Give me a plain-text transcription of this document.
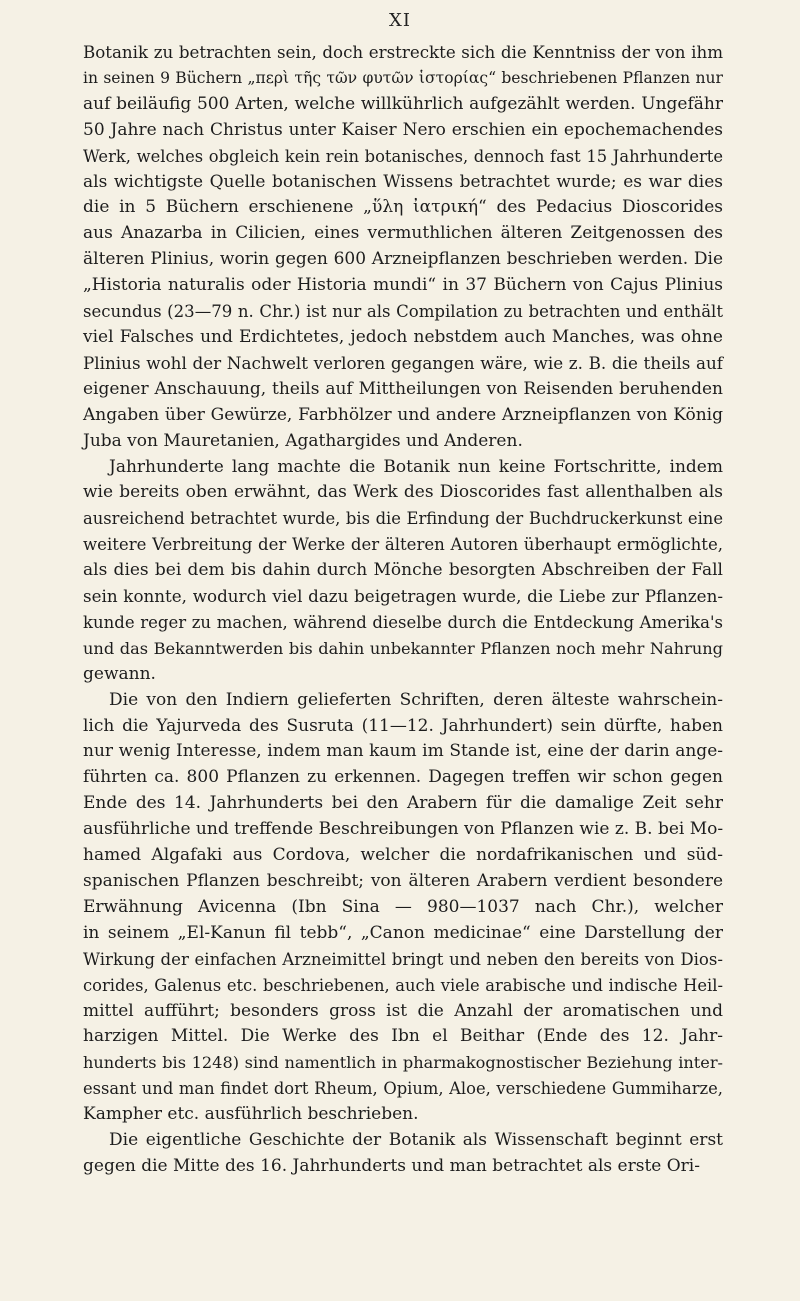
XI

Botanik zu betrachten sein, doch erstreckte sich die Kenntniss der von ihm
in seinen 9 Büchern „περὶ τῆς τῶν φυτῶν ἱστορίας“ beschriebenen Pflanzen nur
auf beiläufig 500 Arten, welche willkührlich aufgezählt werden. Ungefähr
50 Jahre nach Christus unter Kaiser Nero erschien ein epochemachendes
Werk, welches obgleich kein rein botanisches, dennoch fast 15 Jahrhunderte
als wichtigste Quelle botanischen Wissens betrachtet wurde; es war dies
die in 5 Büchern erschienene „ὕλη ἰατρική“ des Pedacius Dioscorides
aus Anazarba in Cilicien, eines vermuthlichen älteren Zeitgenossen des
älteren Plinius, worin gegen 600 Arzneipflanzen beschrieben werden. Die
„Historia naturalis oder Historia mundi“ in 37 Büchern von Cajus Plinius
secundus (23—79 n. Chr.) ist nur als Compilation zu betrachten und enthält
viel Falsches und Erdichtetes, jedoch nebstdem auch Manches, was ohne
Plinius wohl der Nachwelt verloren gegangen wäre, wie z. B. die theils auf
eigener Anschauung, theils auf Mittheilungen von Reisenden beruhenden
Angaben über Gewürze, Farbhölzer und andere Arzneipflanzen von König
Juba von Mauretanien, Agathargides und Anderen.

Jahrhunderte lang machte die Botanik nun keine Fortschritte, indem
wie bereits oben erwähnt, das Werk des Dioscorides fast allenthalben als
ausreichend betrachtet wurde, bis die Erfindung der Buchdruckerkunst eine
weitere Verbreitung der Werke der älteren Autoren überhaupt ermöglichte,
als dies bei dem bis dahin durch Mönche besorgten Abschreiben der Fall
sein konnte, wodurch viel dazu beigetragen wurde, die Liebe zur Pflanzen-
kunde reger zu machen, während dieselbe durch die Entdeckung Amerika's
und das Bekanntwerden bis dahin unbekannter Pflanzen noch mehr Nahrung
gewann.

Die von den Indiern gelieferten Schriften, deren älteste wahrschein-
lich die Yajurveda des Susruta (11—12. Jahrhundert) sein dürfte, haben
nur wenig Interesse, indem man kaum im Stande ist, eine der darin ange-
führten ca. 800 Pflanzen zu erkennen. Dagegen treffen wir schon gegen
Ende des 14. Jahrhunderts bei den Arabern für die damalige Zeit sehr
ausführliche und treffende Beschreibungen von Pflanzen wie z. B. bei Mo-
hamed Algafaki aus Cordova, welcher die nordafrikanischen und süd-
spanischen Pflanzen beschreibt; von älteren Arabern verdient besondere
Erwähnung Avicenna (Ibn Sina — 980—1037 nach Chr.), welcher
in seinem „El-Kanun fil tebb“, „Canon medicinae“ eine Darstellung der
Wirkung der einfachen Arzneimittel bringt und neben den bereits von Dios-
corides, Galenus etc. beschriebenen, auch viele arabische und indische Heil-
mittel aufführt; besonders gross ist die Anzahl der aromatischen und
harzigen Mittel. Die Werke des Ibn el Beithar (Ende des 12. Jahr-
hunderts bis 1248) sind namentlich in pharmakognostischer Beziehung inter-
essant und man findet dort Rheum, Opium, Aloe, verschiedene Gummiharze,
Kampher etc. ausführlich beschrieben.

Die eigentliche Geschichte der Botanik als Wissenschaft beginnt erst
gegen die Mitte des 16. Jahrhunderts und man betrachtet als erste Ori-
